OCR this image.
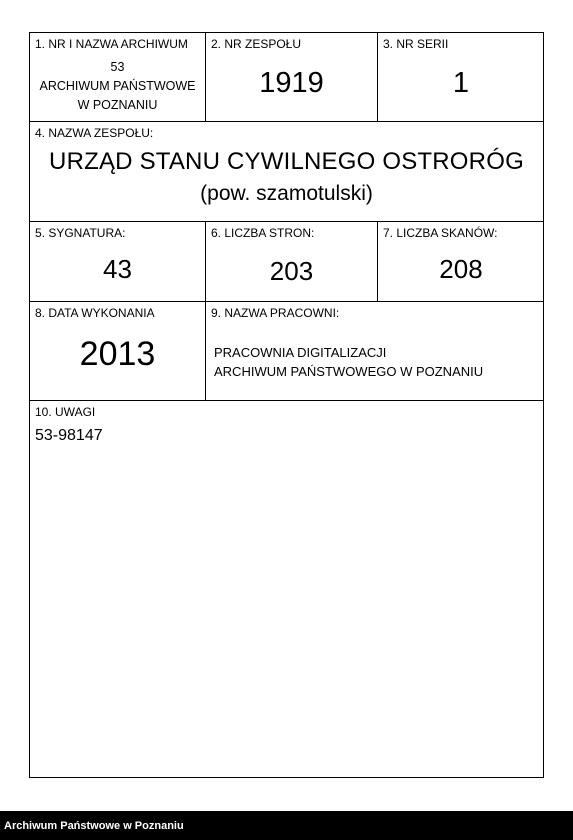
1. NR I NAZWA ARCHIWUM
53
ARCHIWUM PAŃSTWOWE
W POZNANIU
2. NR ZESPOŁU
1919
3. NR SERII
1
4. NAZWA ZESPOŁU:
URZĄD STANU CYWILNEGO OSTRORÓG
(pow. szamotulski)
5. SYGNATURA:
43
6. LICZBA STRON:
203
7. LICZBA SKANÓW:
208
8. DATA WYKONANIA
2013
9. NAZWA PRACOWNI:
PRACOWNIA DIGITALIZACJI
ARCHIWUM PAŃSTWOWEGO W POZNANIU
10. UWAGI
53-98147
Archiwum Państwowe w Poznaniu
